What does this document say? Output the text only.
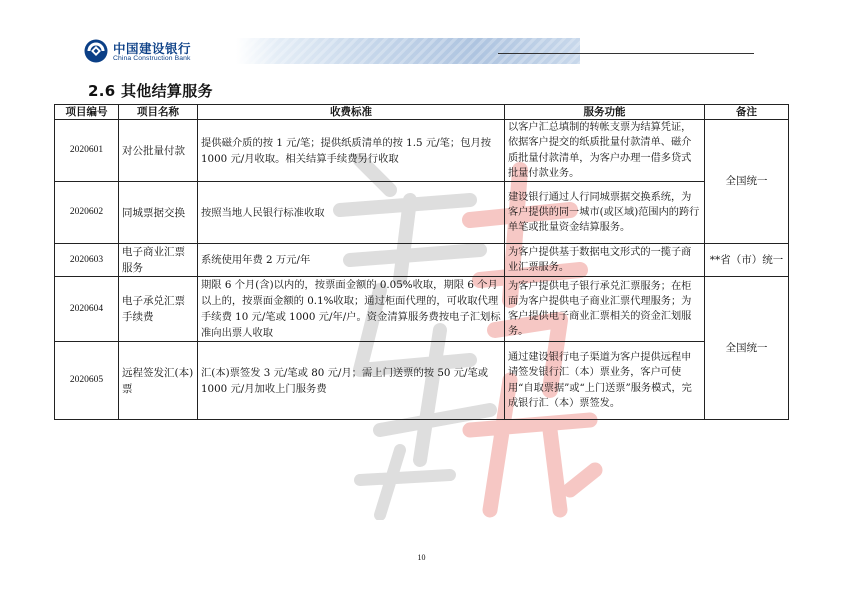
中国建设银行
China Construction Bank
2.6 其他结算服务
项目编号	项目名称	收费标准	服务功能	备注
2020601	对公批量付款	提供磁介质的按 1 元/笔；提供纸质清单的按 1.5 元/笔；包月按 1000 元/月收取。相关结算手续费另行收取	以客户汇总填制的转帐支票为结算凭证，依据客户提交的纸质批量付款清单、磁介质批量付款清单，为客户办理一借多贷式批量付款业务。	全国统一
2020602	同城票据交换	按照当地人民银行标准收取	建设银行通过人行同城票据交换系统，为客户提供的同一城市(或区域)范围内的跨行单笔或批量资金结算服务。	
2020603	电子商业汇票服务	系统使用年费 2 万元/年	为客户提供基于数据电文形式的一揽子商业汇票服务。	**省（市）统一
2020604	电子承兑汇票手续费	期限 6 个月(含)以内的，按票面金额的 0.05%收取，期限 6 个月以上的，按票面金额的 0.1%收取；通过柜面代理的，可收取代理手续费 10 元/笔或 1000 元/年/户。资金清算服务费按电子汇划标准向出票人收取	为客户提供电子银行承兑汇票服务；在柜面为客户提供电子商业汇票代理服务；为客户提供电子商业汇票相关的资金汇划服务。	全国统一
2020605	远程签发汇(本)票	汇(本)票签发 3 元/笔或 80 元/月；需上门送票的按 50 元/笔或 1000 元/月加收上门服务费	通过建设银行电子渠道为客户提供远程申请签发银行汇（本）票业务，客户可使用“自取票据”或“上门送票”服务模式，完成银行汇（本）票签发。	
10
